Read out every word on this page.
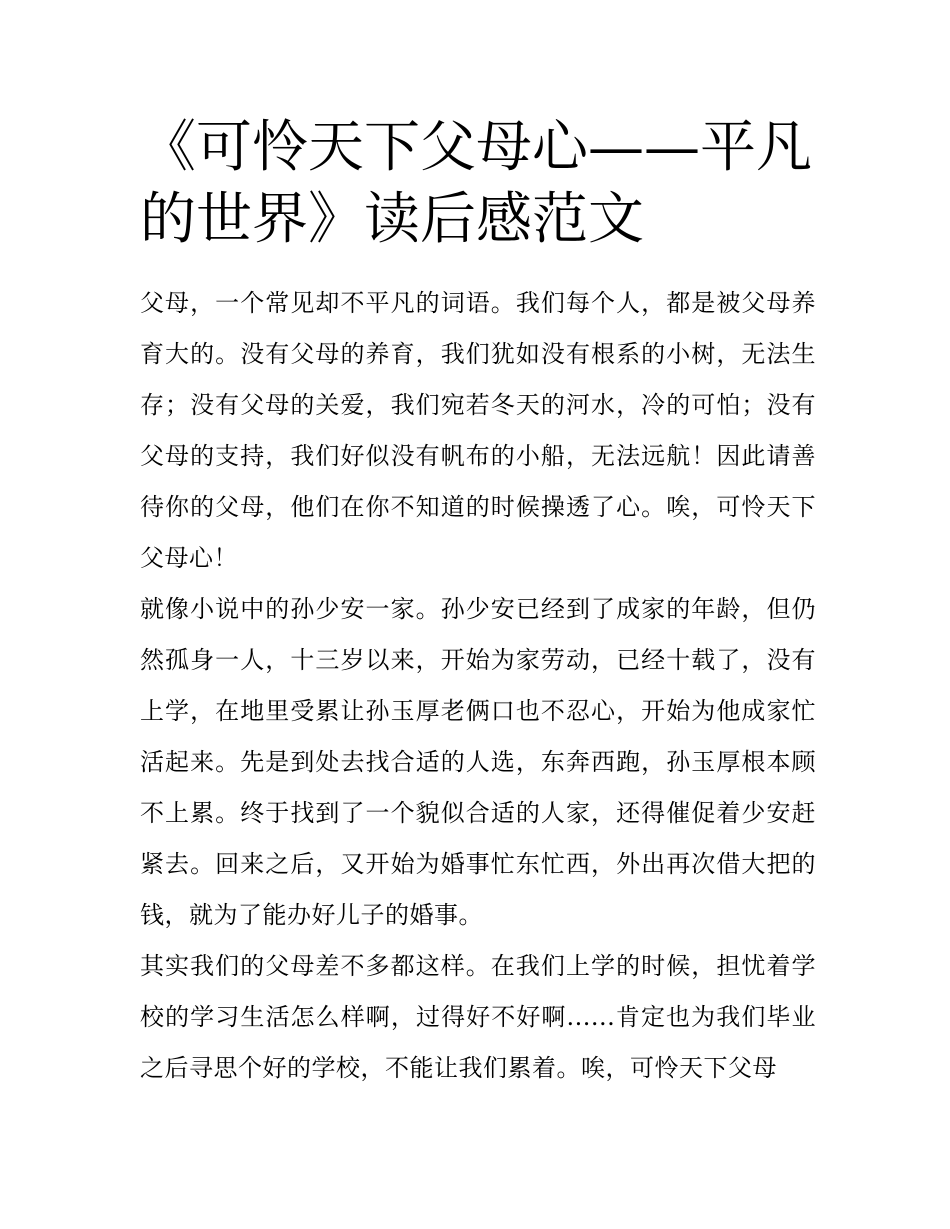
《可怜天下父母心——平凡的世界》读后感范文

父母，一个常见却不平凡的词语。我们每个人，都是被父母养育大的。没有父母的养育，我们犹如没有根系的小树，无法生存；没有父母的关爱，我们宛若冬天的河水，冷的可怕；没有父母的支持，我们好似没有帆布的小船，无法远航！因此请善待你的父母，他们在你不知道的时候操透了心。唉，可怜天下父母心！

就像小说中的孙少安一家。孙少安已经到了成家的年龄，但仍然孤身一人，十三岁以来，开始为家劳动，已经十载了，没有上学，在地里受累让孙玉厚老俩口也不忍心，开始为他成家忙活起来。先是到处去找合适的人选，东奔西跑，孙玉厚根本顾不上累。终于找到了一个貌似合适的人家，还得催促着少安赶紧去。回来之后，又开始为婚事忙东忙西，外出再次借大把的钱，就为了能办好儿子的婚事。

其实我们的父母差不多都这样。在我们上学的时候，担忧着学校的学习生活怎么样啊，过得好不好啊......肯定也为我们毕业之后寻思个好的学校，不能让我们累着。唉，可怜天下父母
